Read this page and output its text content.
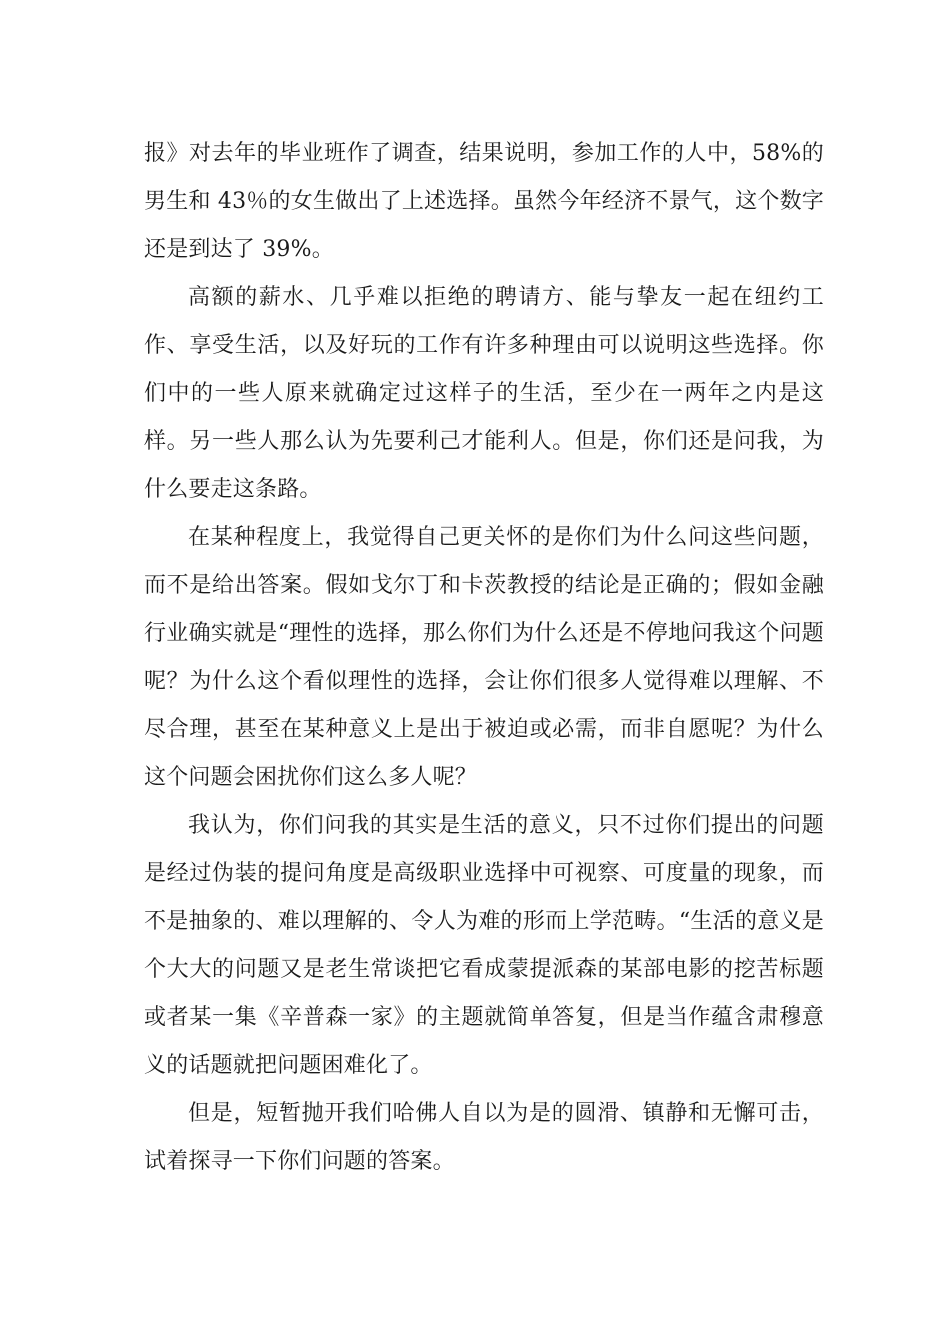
报》对去年的毕业班作了调查，结果说明，参加工作的人中，58%的男生和 43％的女生做出了上述选择。虽然今年经济不景气，这个数字还是到达了 39%。

高额的薪水、几乎难以拒绝的聘请方、能与挚友一起在纽约工作、享受生活，以及好玩的工作有许多种理由可以说明这些选择。你们中的一些人原来就确定过这样子的生活，至少在一两年之内是这样。另一些人那么认为先要利己才能利人。但是，你们还是问我，为什么要走这条路。

在某种程度上，我觉得自己更关怀的是你们为什么问这些问题，而不是给出答案。假如戈尔丁和卡茨教授的结论是正确的；假如金融行业确实就是“理性的选择，那么你们为什么还是不停地问我这个问题呢？为什么这个看似理性的选择，会让你们很多人觉得难以理解、不尽合理，甚至在某种意义上是出于被迫或必需，而非自愿呢？为什么这个问题会困扰你们这么多人呢？

我认为，你们问我的其实是生活的意义，只不过你们提出的问题是经过伪装的提问角度是高级职业选择中可视察、可度量的现象，而不是抽象的、难以理解的、令人为难的形而上学范畴。“生活的意义是个大大的问题又是老生常谈把它看成蒙提派森的某部电影的挖苦标题或者某一集《辛普森一家》的主题就简单答复，但是当作蕴含肃穆意义的话题就把问题困难化了。

但是，短暂抛开我们哈佛人自以为是的圆滑、镇静和无懈可击，试着探寻一下你们问题的答案。
